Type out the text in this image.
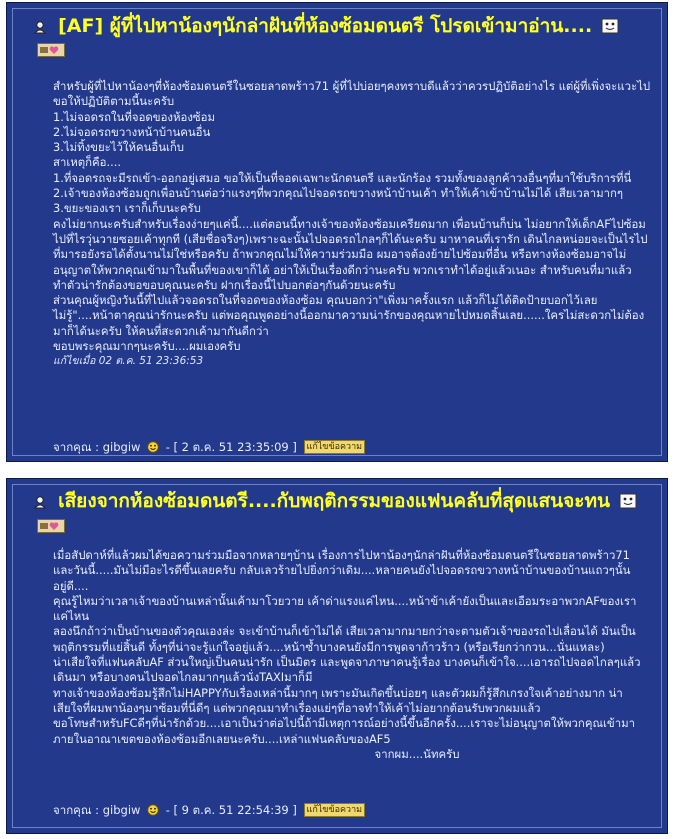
[AF] ผู้ที่ไปหาน้องๆนักล่าฝันที่ห้องซ้อมดนตรี โปรดเข้ามาอ่าน....

สำหรับผู้ที่ไปหาน้องๆที่ห้องซ้อมดนตรีในซอยลาดพร้าว71 ผู้ที่ไปบ่อยๆคงทราบดีแล้วว่าควรปฏิบัติอย่างไร แต่ผู้ที่เพิ่งจะแวะไปขอให้ปฏิบัติตามนี้นะครับ

1.ไม่จอดรถในที่จอดของห้องซ้อม

2.ไม่จอดรถขวางหน้าบ้านคนอื่น

3.ไม่ทิ้งขยะไว้ให้คนอื่นเก็บ

สาเหตุก็คือ....

1.ที่จอดรถจะมีรถเข้า-ออกอยู่เสมอ ขอให้เป็นที่จอดเฉพาะนักดนตรี และนักร้อง รวมทั้งของลูกค้าวงอื่นๆที่มาใช้บริการที่นี่

2.เจ้าของห้องซ้อมถูกเพื่อนบ้านต่อว่าแรงๆที่พวกคุณไปจอดรถขวางหน้าบ้านเค้า ทำให้เค้าเข้าบ้านไม่ได้ เสียเวลามากๆ

3.ขยะของเรา เราก็เก็บนะครับ

คงไม่ยากนะครับสำหรับเรื่องง่ายๆแค่นี้....แต่ตอนนี้ทางเจ้าของห้องซ้อมเครียดมาก เพื่อนบ้านก็บ่น ไม่อยากให้เด็กAFไปซ้อม ไปที่ไรวุ่นวายซอยเค้าทุกที (เสียชื่อจริงๆ)เพราะฉะนั้นไปจอดรถไกลๆก็ได้นะครับ มาหาคนที่เรารัก เดินไกลหน่อยจะเป็นไรไป ที่มารอยังรอได้ตั้งนานไม่ใช่หรือครับ ถ้าพวกคุณไม่ให้ความร่วมมือ ผมอาจต้องย้ายไปซ้อมที่อื่น หรือทางห้องซ้อมอาจไม่อนุญาตให้พวกคุณเข้ามาในพื้นที่ของเขาก็ได้ อย่าให้เป็นเรื่องดีกว่านะครับ พวกเราทำได้อยู่แล้วเนอะ สำหรับคนที่มาแล้วทำตัวน่ารักต้องขอขอบคุณนะครับ ฝากเรื่องนี้ไปบอกต่อๆกันด้วยนะครับ

ส่วนคุณผู้หญิงวันนี้ที่ไปแล้วจอดรถในที่จอดของห้องซ้อม คุณบอกว่า"เพิ่งมาครั้งแรก แล้วก็ไม่ได้ติดป้ายบอกไว้เลยไม่รู้"....หน้าตาคุณน่ารักนะครับ แต่พอคุณพูดอย่างนี้ออกมาความน่ารักของคุณหายไปหมดสิ้นเลย......ใครไม่สะดวกไม่ต้องมาก็ได้นะครับ ให้คนที่สะดวกเค้ามากันดีกว่า

ขอบพระคุณมากๆนะครับ....ผมเองครับ

แก้ไขเมื่อ 02 ต.ค. 51 23:36:53

จากคุณ : gibgiw - [ 2 ต.ค. 51 23:35:09 ] แก้ไขข้อความ
เสียงจากห้องซ้อมดนตรี....กับพฤติกรรมของแฟนคลับที่สุดแสนจะทน

เมื่อสัปดาห์ที่แล้วผมได้ขอความร่วมมือจากหลายๆบ้าน เรื่องการไปหาน้องๆนักล่าฝันที่ห้องซ้อมดนตรีในซอยลาดพร้าว71 และวันนี้.....มันไม่มีอะไรดีขึ้นเลยครับ กลับเลวร้ายไปยิ่งกว่าเดิม....หลายคนยังไปจอดรถขวางหน้าบ้านของบ้านแถวๆนั้นอยู่ดี....

คุณรู้ไหมว่าเวลาเจ้าของบ้านเหล่านั้นเค้ามาโวยวาย เค้าด่าแรงแค่ไหน....หน้าข้าเค้ายังเป็นและเอือมระอาพวกAFของเราแค่ไหน

ลองนึกถ้าว่าเป็นบ้านของตัวคุณเองล่ะ จะเข้าบ้านก็เข้าไม่ได้ เสียเวลามากมายกว่าจะตามตัวเจ้าของรถไปเลื่อนได้ มันเป็นพฤติกรรมที่แย่สิ้นดี ทั้งๆที่น่าจะรู้แก่ใจอยู่แล้ว....หน้าซ้ำบางคนยังมีการพูดจาก้าวร้าว (หรือเรียกว่ากวน...นั่นแหละ)

น่าเสียใจที่แฟนคลับAF ส่วนใหญ่เป็นคนน่ารัก เป็นมิตร และพูดจาภาษาคนรู้เรื่อง บางคนก็เข้าใจ....เอารถไปจอดไกลๆแล้วเดินมา หรือบางคนไปจอดไกลมากๆแล้วนั่งTAXIมาก็มี

ทางเจ้าของห้องซ้อมรู้สึกไม่HAPPYกับเรื่องเหล่านี้มากๆ เพราะมันเกิดขึ้นบ่อยๆ และตัวผมก็รู้สึกเกรงใจเค้าอย่างมาก น่าเสียใจที่ผมพาน้องๆมาซ้อมที่นี่ดีๆ แต่พวกคุณมาทำเรื่องแย่ๆที่อาจทำให้เค้าไม่อยากต้อนรับพวกผมแล้ว

ขอโทษสำหรับFCดีๆที่น่ารักด้วย....เอาเป็นว่าต่อไปนี้ถ้ามีเหตุการณ์อย่างนี้ขึ้นอีกครั้ง....เราจะไม่อนุญาตให้พวกคุณเข้ามาภายในอาณาเขตของห้องซ้อมอีกเลยนะครับ....เหล่าแฟนคลับของAF5

จากผม....นัทครับ

จากคุณ : gibgiw - [ 9 ต.ค. 51 22:54:39 ] แก้ไขข้อความ
